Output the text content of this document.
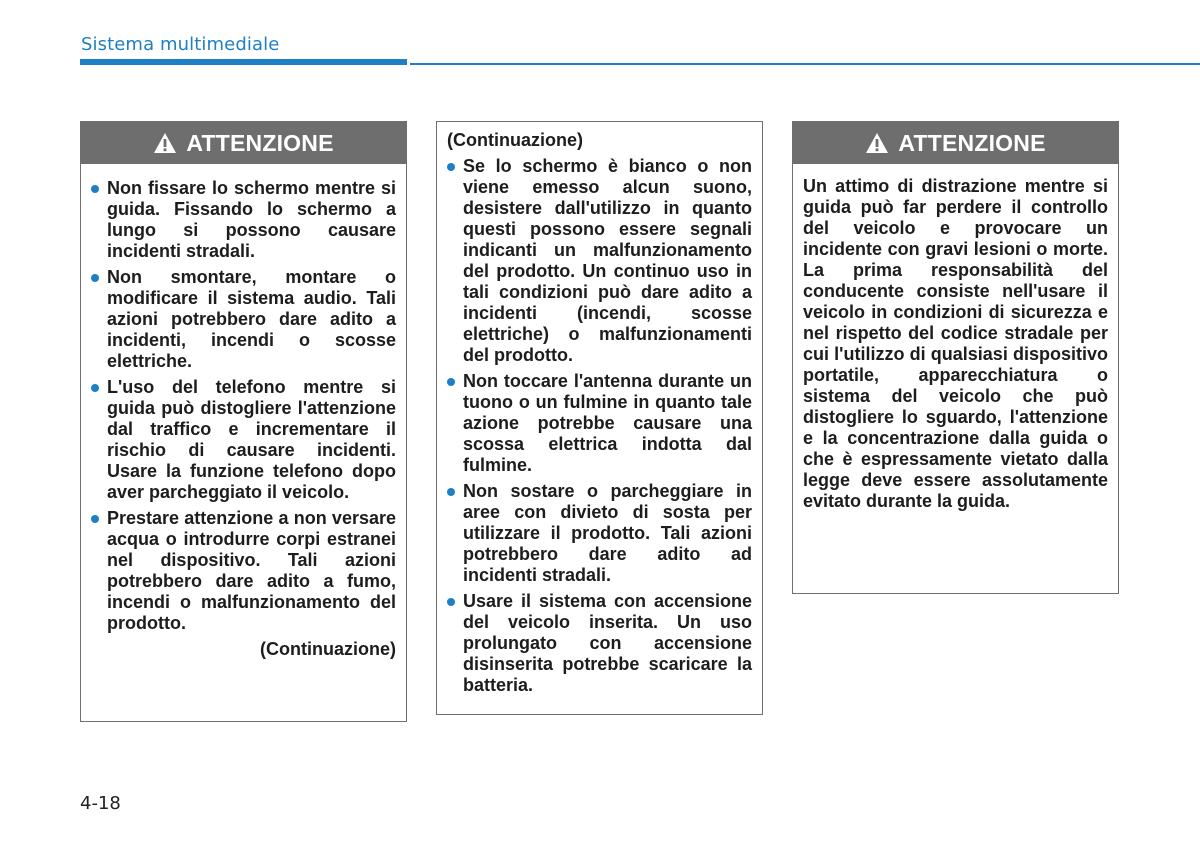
Sistema multimediale
ATTENZIONE
Non fissare lo schermo mentre si guida. Fissando lo schermo a lungo si possono causare incidenti stradali.
Non smontare, montare o modificare il sistema audio. Tali azioni potrebbero dare adito a incidenti, incendi o scosse elettriche.
L'uso del telefono mentre si guida può distogliere l'attenzione dal traffico e incrementare il rischio di causare incidenti. Usare la funzione telefono dopo aver parcheggiato il veicolo.
Prestare attenzione a non versare acqua o introdurre corpi estranei nel dispositivo. Tali azioni potrebbero dare adito a fumo, incendi o malfunzionamento del prodotto.
(Continuazione)
(Continuazione)
Se lo schermo è bianco o non viene emesso alcun suono, desistere dall'utilizzo in quanto questi possono essere segnali indicanti un malfunzionamento del prodotto. Un continuo uso in tali condizioni può dare adito a incidenti (incendi, scosse elettriche) o malfunzionamenti del prodotto.
Non toccare l'antenna durante un tuono o un fulmine in quanto tale azione potrebbe causare una scossa elettrica indotta dal fulmine.
Non sostare o parcheggiare in aree con divieto di sosta per utilizzare il prodotto. Tali azioni potrebbero dare adito ad incidenti stradali.
Usare il sistema con accensione del veicolo inserita. Un uso prolungato con accensione disinserita potrebbe scaricare la batteria.
ATTENZIONE
Un attimo di distrazione mentre si guida può far perdere il controllo del veicolo e provocare un incidente con gravi lesioni o morte. La prima responsabilità del conducente consiste nell'usare il veicolo in condizioni di sicurezza e nel rispetto del codice stradale per cui l'utilizzo di qualsiasi dispositivo portatile, apparecchiatura o sistema del veicolo che può distogliere lo sguardo, l'attenzione e la concentrazione dalla guida o che è espressamente vietato dalla legge deve essere assolutamente evitato durante la guida.
4-18
